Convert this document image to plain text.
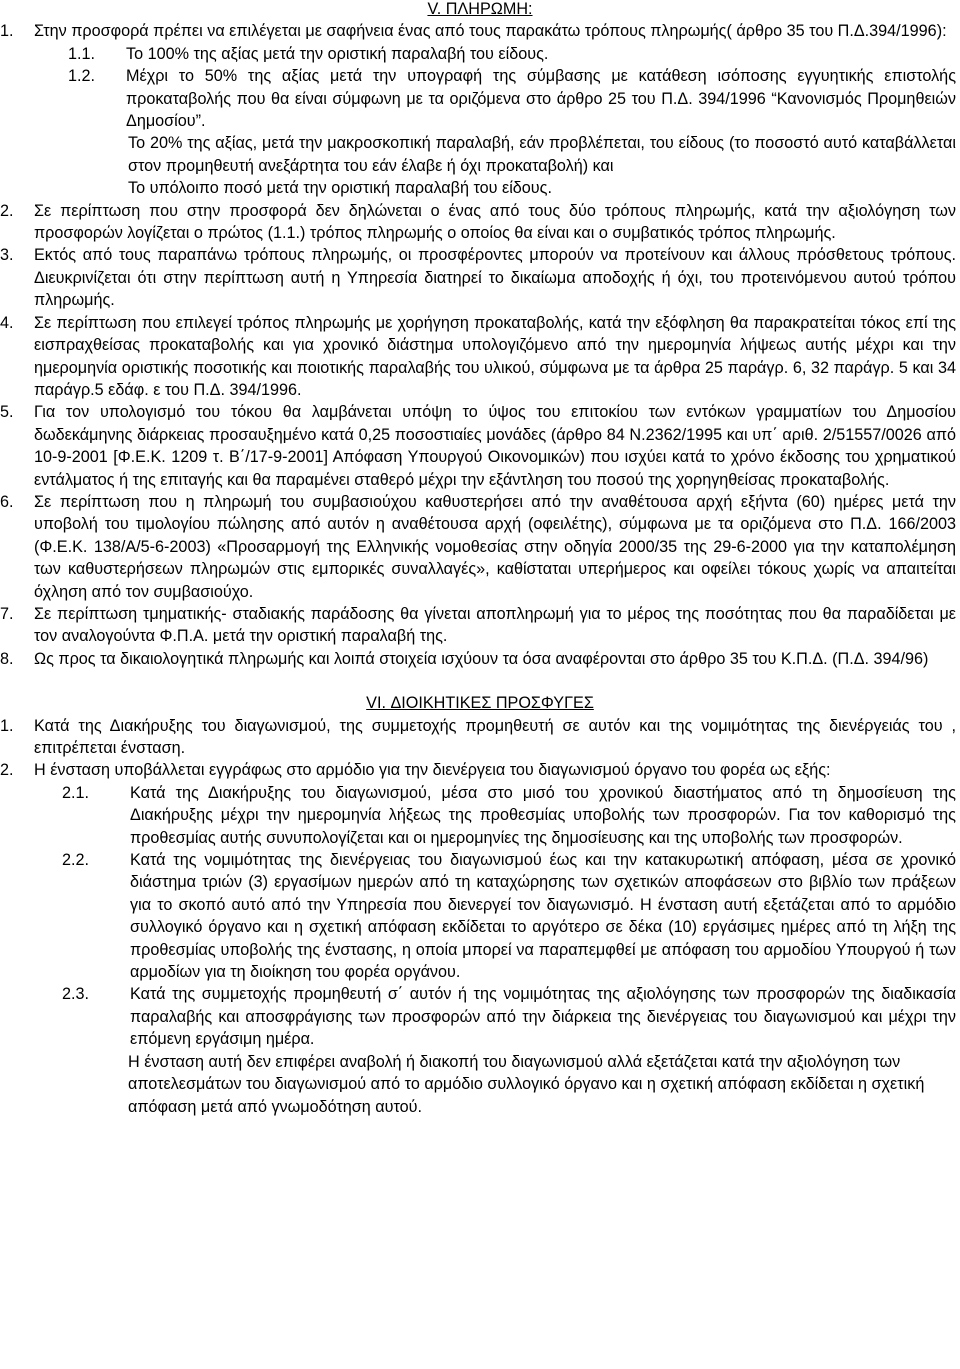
V. ΠΛΗΡΩΜΗ:
1. Στην προσφορά πρέπει να επιλέγεται με σαφήνεια ένας από τους παρακάτω τρόπους πληρωμής( άρθρο 35 του Π.Δ.394/1996):
1.1. Το 100% της αξίας μετά την οριστική παραλαβή του είδους.
1.2. Μέχρι το 50% της αξίας μετά την υπογραφή της σύμβασης με κατάθεση ισόποσης εγγυητικής επιστολής προκαταβολής που θα είναι σύμφωνη με τα οριζόμενα στο άρθρο 25 του Π.Δ. 394/1996 “Κανονισμός Προμηθειών Δημοσίου”.
Το 20% της αξίας, μετά την μακροσκοπική παραλαβή, εάν προβλέπεται, του είδους (το ποσοστό αυτό καταβάλλεται στον προμηθευτή ανεξάρτητα του εάν έλαβε ή όχι προκαταβολή) και
Το υπόλοιπο ποσό μετά την οριστική παραλαβή του είδους.
2. Σε περίπτωση που στην προσφορά δεν δηλώνεται ο ένας από τους δύο τρόπους πληρωμής, κατά την αξιολόγηση των προσφορών λογίζεται ο πρώτος (1.1.) τρόπος πληρωμής ο οποίος θα είναι και ο συμβατικός τρόπος πληρωμής.
3. Εκτός από τους παραπάνω τρόπους πληρωμής, οι προσφέροντες μπορούν να προτείνουν και άλλους πρόσθετους τρόπους. Διευκρινίζεται ότι στην περίπτωση αυτή η Υπηρεσία διατηρεί το δικαίωμα αποδοχής ή όχι, του προτεινόμενου αυτού τρόπου πληρωμής.
4. Σε περίπτωση που επιλεγεί τρόπος πληρωμής με χορήγηση προκαταβολής, κατά την εξόφληση θα παρακρατείται τόκος επί της εισπραχθείσας προκαταβολής και για χρονικό διάστημα υπολογιζόμενο από την ημερομηνία λήψεως αυτής μέχρι και την ημερομηνία οριστικής ποσοτικής και ποιοτικής παραλαβής του υλικού, σύμφωνα με τα άρθρα 25 παράγρ. 6, 32 παράγρ. 5 και 34 παράγρ.5 εδάφ. ε του Π.Δ. 394/1996.
5. Για τον υπολογισμό του τόκου θα λαμβάνεται υπόψη το ύψος του επιτοκίου των εντόκων γραμματίων του Δημοσίου δωδεκάμηνης διάρκειας προσαυξημένο κατά 0,25 ποσοστιαίες μονάδες (άρθρο 84 Ν.2362/1995 και υπ΄ αριθ. 2/51557/0026 από 10-9-2001 [Φ.Ε.Κ. 1209 τ. Β΄/17-9-2001] Απόφαση Υπουργού Οικονομικών) που ισχύει κατά το χρόνο έκδοσης του χρηματικού εντάλματος ή της επιταγής και θα παραμένει σταθερό μέχρι την εξάντληση του ποσού της χορηγηθείσας προκαταβολής.
6. Σε περίπτωση που η πληρωμή του συμβασιούχου καθυστερήσει από την αναθέτουσα αρχή εξήντα (60) ημέρες μετά την υποβολή του τιμολογίου πώλησης από αυτόν η αναθέτουσα αρχή (οφειλέτης), σύμφωνα με τα οριζόμενα στο Π.Δ. 166/2003 (Φ.Ε.Κ. 138/Α/5-6-2003) «Προσαρμογή της Ελληνικής νομοθεσίας στην οδηγία 2000/35 της 29-6-2000 για την καταπολέμηση των καθυστερήσεων πληρωμών στις εμπορικές συναλλαγές», καθίσταται υπερήμερος και οφείλει τόκους χωρίς να απαιτείται όχληση από τον συμβασιούχο.
7. Σε περίπτωση τμηματικής- σταδιακής παράδοσης θα γίνεται αποπληρωμή για το μέρος της ποσότητας που θα παραδίδεται με τον αναλογούντα Φ.Π.Α. μετά την οριστική παραλαβή της.
8. Ως προς τα δικαιολογητικά πληρωμής και λοιπά στοιχεία ισχύουν τα όσα αναφέρονται στο άρθρο 35 του Κ.Π.Δ. (Π.Δ. 394/96)
VI. ΔΙΟΙΚΗΤΙΚΕΣ ΠΡΟΣΦΥΓΕΣ
1. Κατά της Διακήρυξης του διαγωνισμού, της συμμετοχής προμηθευτή σε αυτόν και της νομιμότητας της διενέργειάς του , επιτρέπεται ένσταση.
2. Η ένσταση υποβάλλεται εγγράφως στο αρμόδιο για την διενέργεια του διαγωνισμού όργανο του φορέα ως εξής:
2.1.	Κατά της Διακήρυξης του διαγωνισμού, μέσα στο μισό του χρονικού διαστήματος από τη δημοσίευση της Διακήρυξης μέχρι την ημερομηνία λήξεως της προθεσμίας υποβολής των προσφορών. Για τον καθορισμό της προθεσμίας αυτής συνυπολογίζεται και οι ημερομηνίες της δημοσίευσης και της υποβολής των προσφορών.
2.2.	Κατά της νομιμότητας της διενέργειας του διαγωνισμού έως και την κατακυρωτική απόφαση, μέσα σε χρονικό διάστημα τριών (3) εργασίμων ημερών από τη καταχώρησης των σχετικών αποφάσεων στο βιβλίο των πράξεων για το σκοπό αυτό από την Υπηρεσία που διενεργεί τον διαγωνισμό. Η ένσταση αυτή εξετάζεται από το αρμόδιο συλλογικό όργανο και η σχετική απόφαση εκδίδεται το αργότερο σε δέκα (10) εργάσιμες ημέρες από τη λήξη της προθεσμίας υποβολής της ένστασης, η οποία μπορεί να παραπεμφθεί με απόφαση του αρμοδίου Υπουργού ή των αρμοδίων για τη διοίκηση του φορέα οργάνου.
2.3.	Κατά της συμμετοχής προμηθευτή σ΄ αυτόν ή της νομιμότητας της αξιολόγησης των προσφορών της διαδικασία παραλαβής και αποσφράγισης των προσφορών από την διάρκεια της διενέργειας του διαγωνισμού και μέχρι την επόμενη εργάσιμη ημέρα.
Η ένσταση αυτή δεν επιφέρει αναβολή ή διακοπή του διαγωνισμού αλλά εξετάζεται κατά την αξιολόγηση των αποτελεσμάτων του διαγωνισμού από το αρμόδιο συλλογικό όργανο και η σχετική απόφαση εκδίδεται η σχετική απόφαση μετά από γνωμοδότηση αυτού.
